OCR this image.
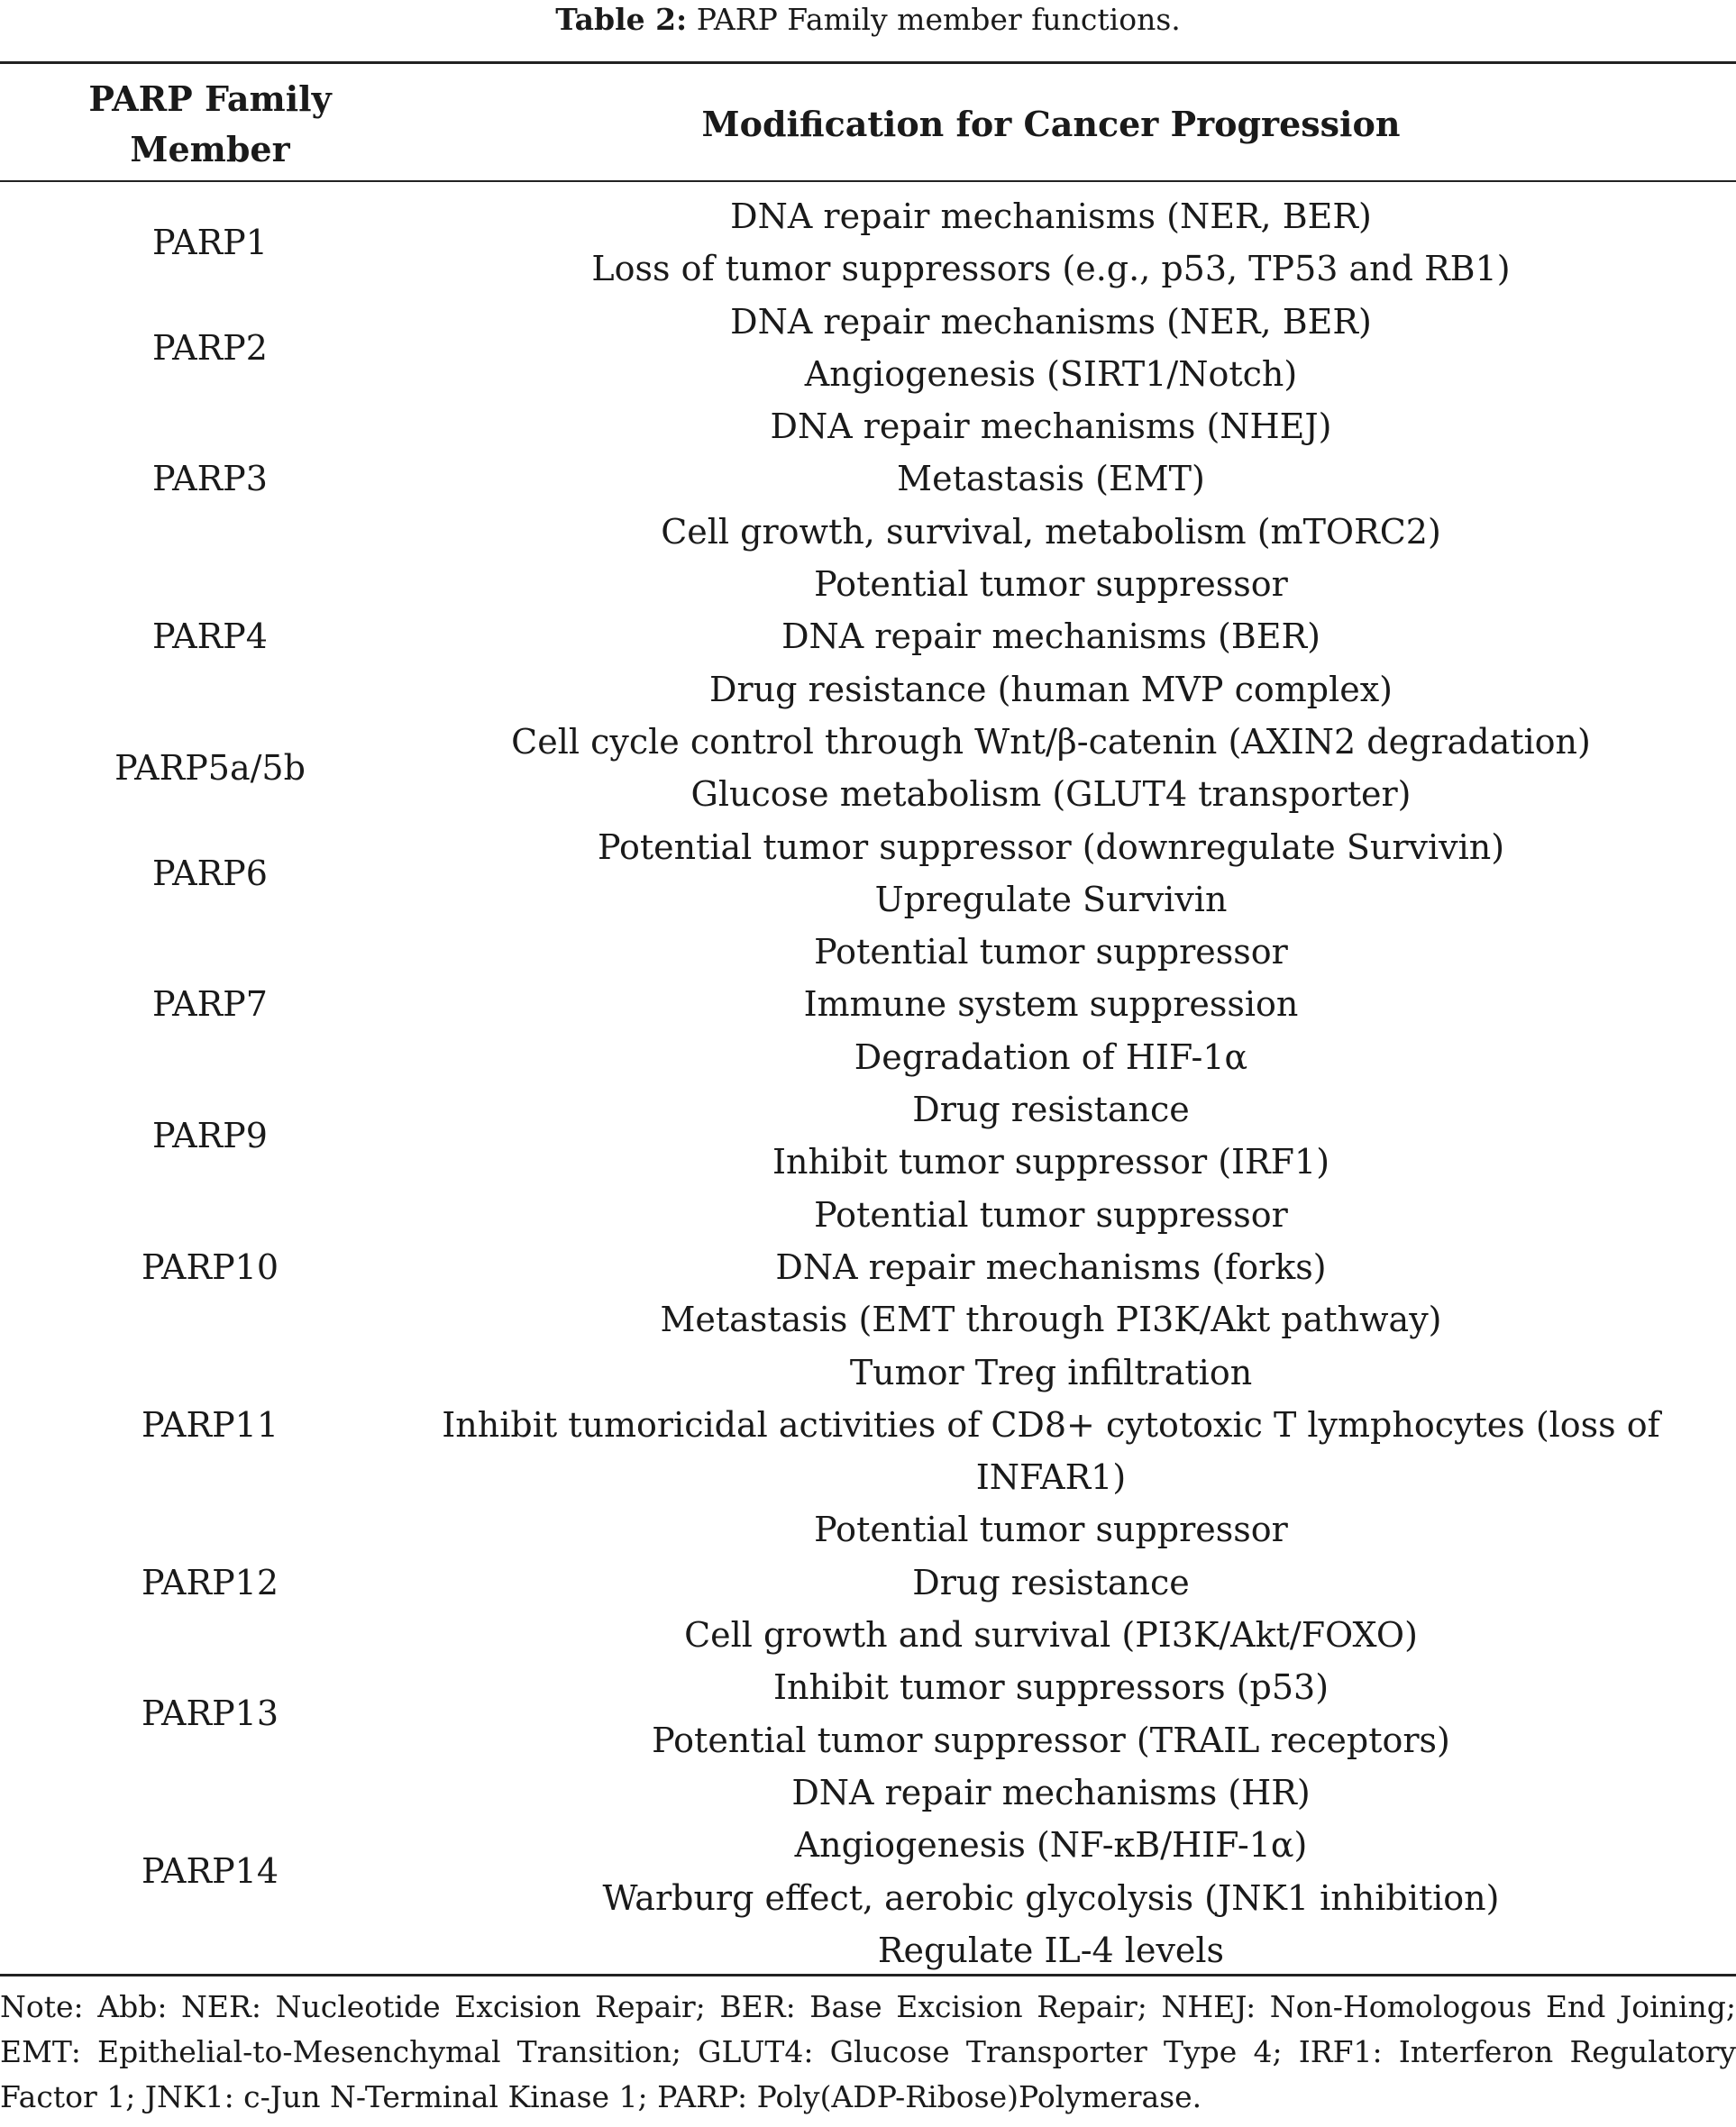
Table 2: PARP Family member functions.
PARP Family
Member
Modification for Cancer Progression
PARP1
DNA repair mechanisms (NER, BER)
Loss of tumor suppressors (e.g., p53, TP53 and RB1)
PARP2
DNA repair mechanisms (NER, BER)
Angiogenesis (SIRT1/Notch)
PARP3
DNA repair mechanisms (NHEJ)
Metastasis (EMT)
Cell growth, survival, metabolism (mTORC2)
PARP4
Potential tumor suppressor
DNA repair mechanisms (BER)
Drug resistance (human MVP complex)
PARP5a/5b
Cell cycle control through Wnt/β-catenin (AXIN2 degradation)
Glucose metabolism (GLUT4 transporter)
PARP6
Potential tumor suppressor (downregulate Survivin)
Upregulate Survivin
PARP7
Potential tumor suppressor
Immune system suppression
Degradation of HIF-1α
PARP9
Drug resistance
Inhibit tumor suppressor (IRF1)
PARP10
Potential tumor suppressor
DNA repair mechanisms (forks)
Metastasis (EMT through PI3K/Akt pathway)
PARP11
Tumor Treg infiltration
Inhibit tumoricidal activities of CD8+ cytotoxic T lymphocytes (loss of
INFAR1)
PARP12
Potential tumor suppressor
Drug resistance
Cell growth and survival (PI3K/Akt/FOXO)
PARP13
Inhibit tumor suppressors (p53)
Potential tumor suppressor (TRAIL receptors)
PARP14
DNA repair mechanisms (HR)
Angiogenesis (NF-κB/HIF-1α)
Warburg effect, aerobic glycolysis (JNK1 inhibition)
Regulate IL-4 levels
Note: Abb: NER: Nucleotide Excision Repair; BER: Base Excision Repair; NHEJ: Non-Homologous End Joining; EMT: Epithelial-to-Mesenchymal Transition; GLUT4: Glucose Transporter Type 4; IRF1: Interferon Regulatory Factor 1; JNK1: c-Jun N-Terminal Kinase 1; PARP: Poly(ADP-Ribose)Polymerase.
